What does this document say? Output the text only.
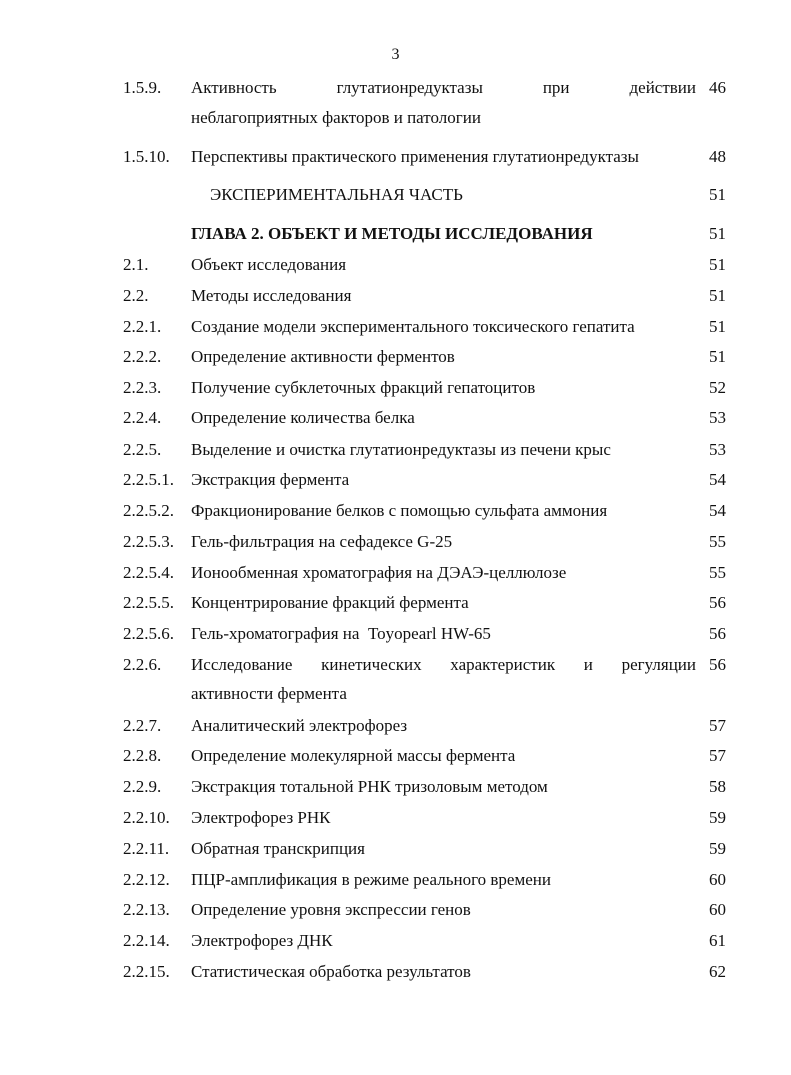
3
1.5.9. Активность глутатионредуктазы при действии 46
неблагоприятных факторов и патологии
1.5.10. Перспективы практического применения глутатионредуктазы	48
ЭКСПЕРИМЕНТАЛЬНАЯ ЧАСТЬ	51
ГЛАВА 2. ОБЪЕКТ И МЕТОДЫ ИССЛЕДОВАНИЯ	51
2.1.	Объект исследования	51
2.2.	Методы исследования	51
2.2.1. Создание модели экспериментального токсического гепатита	51
2.2.2. Определение активности ферментов	51
2.2.3. Получение субклеточных фракций гепатоцитов	52
2.2.4. Определение количества белка	53
2.2.5. Выделение и очистка глутатионредуктазы из печени крыс	53
2.2.5.1. Экстракция фермента	54
2.2.5.2. Фракционирование белков с помощью сульфата аммония	54
2.2.5.3. Гель-фильтрация на сефадексе G-25	55
2.2.5.4. Ионообменная хроматография на ДЭАЭ-целлюлозе	55
2.2.5.5. Концентрирование фракций фермента	56
2.2.5.6. Гель-хроматография на  Toyopearl HW-65	56
2.2.6. Исследование кинетических характеристик и регуляции 56
активности фермента
2.2.7. Аналитический электрофорез	57
2.2.8. Определение молекулярной массы фермента	57
2.2.9. Экстракция тотальной РНК тризоловым методом	58
2.2.10. Электрофорез РНК	59
2.2.11. Обратная транскрипция	59
2.2.12. ПЦР-амплификация в режиме реального времени	60
2.2.13. Определение уровня экспрессии генов	60
2.2.14. Электрофорез ДНК	61
2.2.15. Статистическая обработка результатов	62
